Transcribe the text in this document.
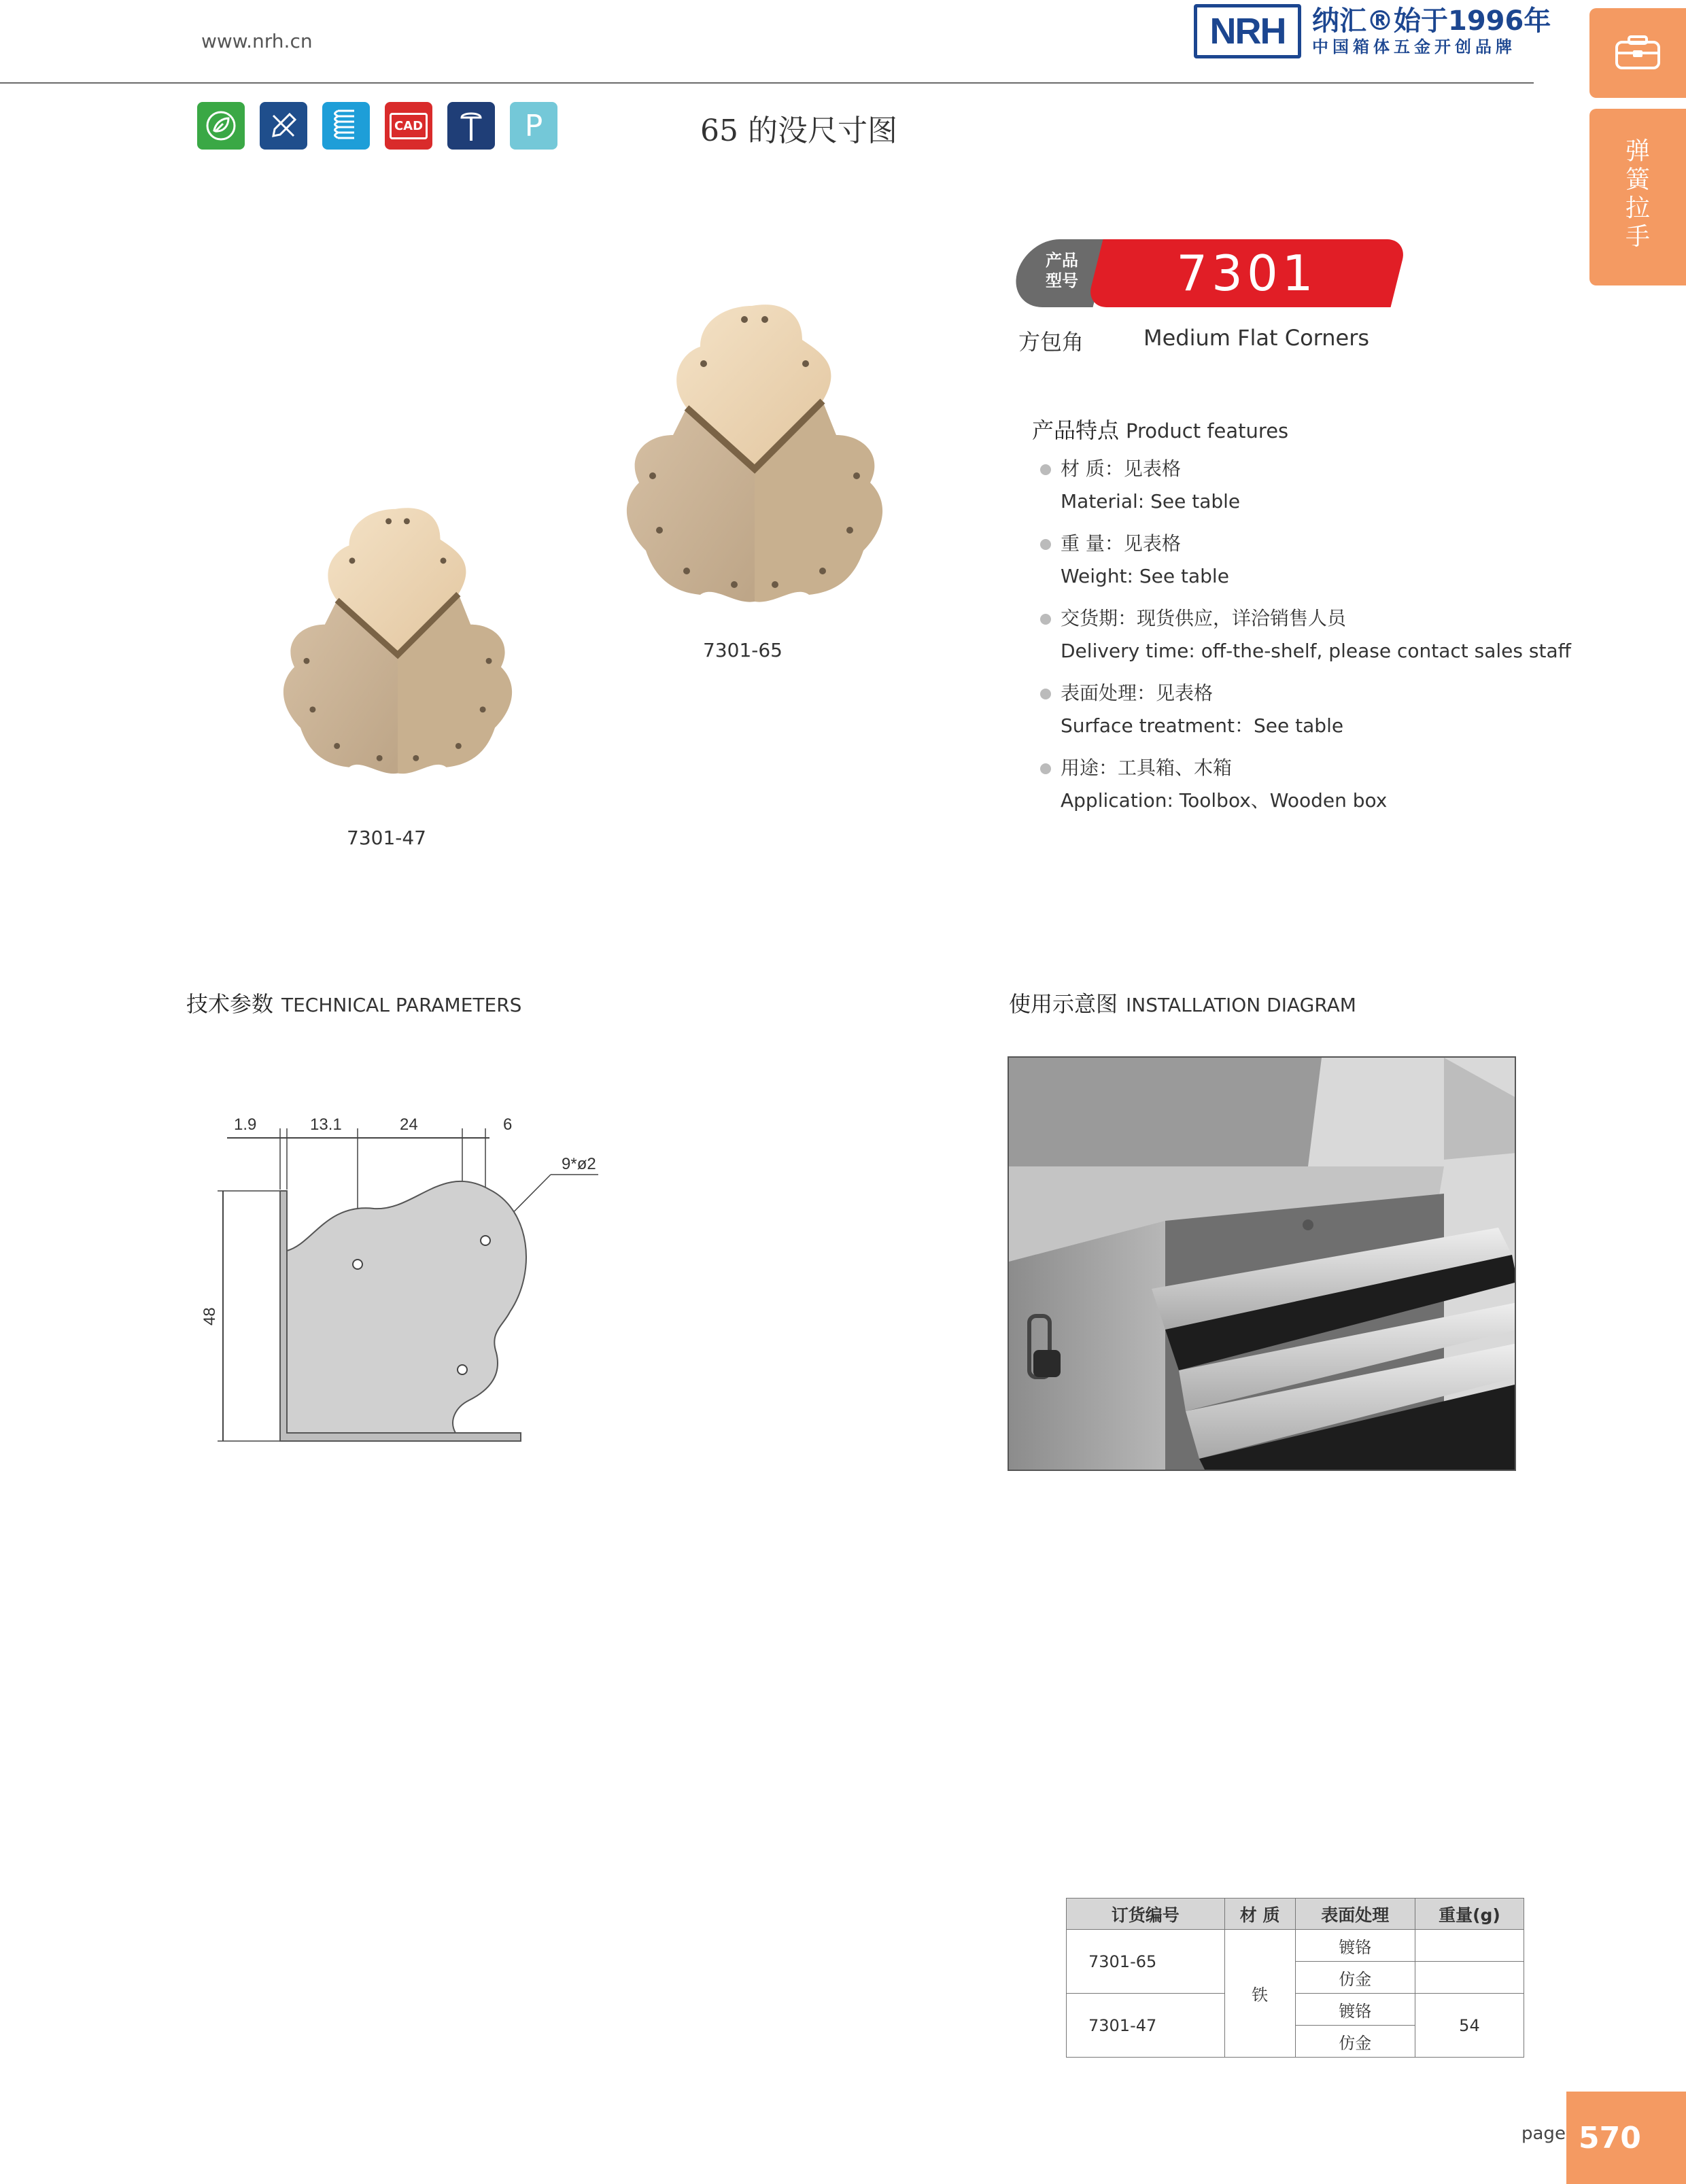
www.nrh.cn	NRH 纳汇®始于1996年
中国箱体五金开创品牌
弹
簧
拉
手
CAD	P	65 的没尺寸图
产品
型号	7301
方包角	Medium Flat Corners
产品特点 Product features
材 质：见表格
Material: See table
重 量：见表格
Weight: See table
交货期：现货供应，详洽销售人员
Delivery time: off-the-shelf, please contact sales staff
表面处理：见表格
Surface treatment：See table
用途：工具箱、木箱
Application: Toolbox、Wooden box
7301-65
7301-47
技术参数 TECHNICAL PARAMETERS	使用示意图 INSTALLATION DIAGRAM
1.9	13.1	24	6
9*ø2
48
订货编号	材 质	表面处理	重量(g)
7301-65	铁	镀铬	
		仿金	
7301-47		镀铬	54
		仿金	
page 570
